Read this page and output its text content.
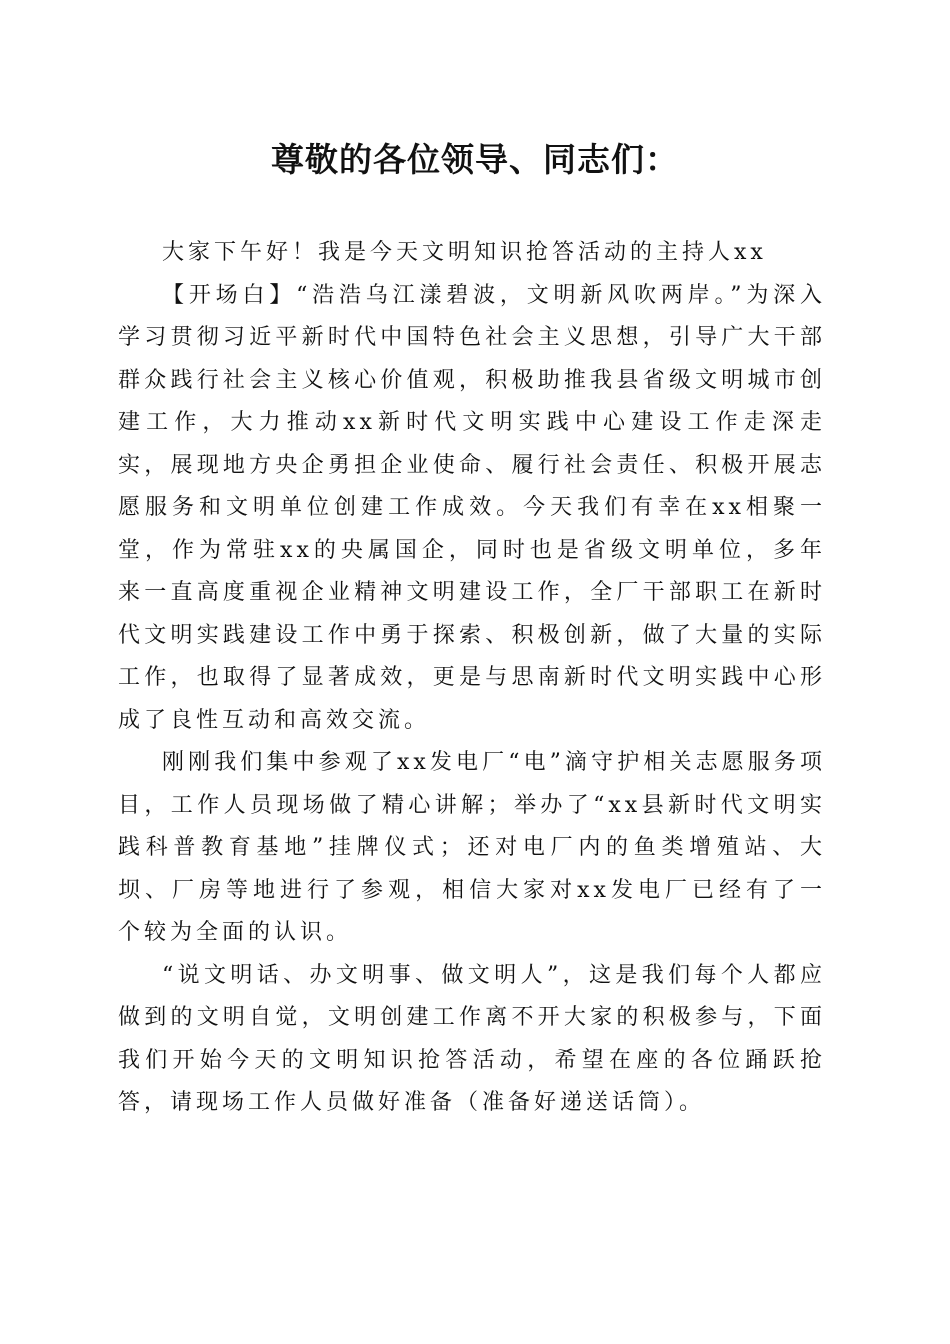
尊敬的各位领导、同志们：

大家下午好！我是今天文明知识抢答活动的主持人xx

【开场白】“浩浩乌江漾碧波，文明新风吹两岸。”为深入学习贯彻习近平新时代中国特色社会主义思想，引导广大干部群众践行社会主义核心价值观，积极助推我县省级文明城市创建工作，大力推动xx新时代文明实践中心建设工作走深走实，展现地方央企勇担企业使命、履行社会责任、积极开展志愿服务和文明单位创建工作成效。今天我们有幸在xx相聚一堂，作为常驻xx的央属国企，同时也是省级文明单位，多年来一直高度重视企业精神文明建设工作，全厂干部职工在新时代文明实践建设工作中勇于探索、积极创新，做了大量的实际工作，也取得了显著成效，更是与思南新时代文明实践中心形成了良性互动和高效交流。

刚刚我们集中参观了xx发电厂“电”滴守护相关志愿服务项目，工作人员现场做了精心讲解；举办了“xx县新时代文明实践科普教育基地”挂牌仪式；还对电厂内的鱼类增殖站、大坝、厂房等地进行了参观，相信大家对xx发电厂已经有了一个较为全面的认识。

“说文明话、办文明事、做文明人”，这是我们每个人都应做到的文明自觉，文明创建工作离不开大家的积极参与，下面我们开始今天的文明知识抢答活动，希望在座的各位踊跃抢答，请现场工作人员做好准备（准备好递送话筒）。
